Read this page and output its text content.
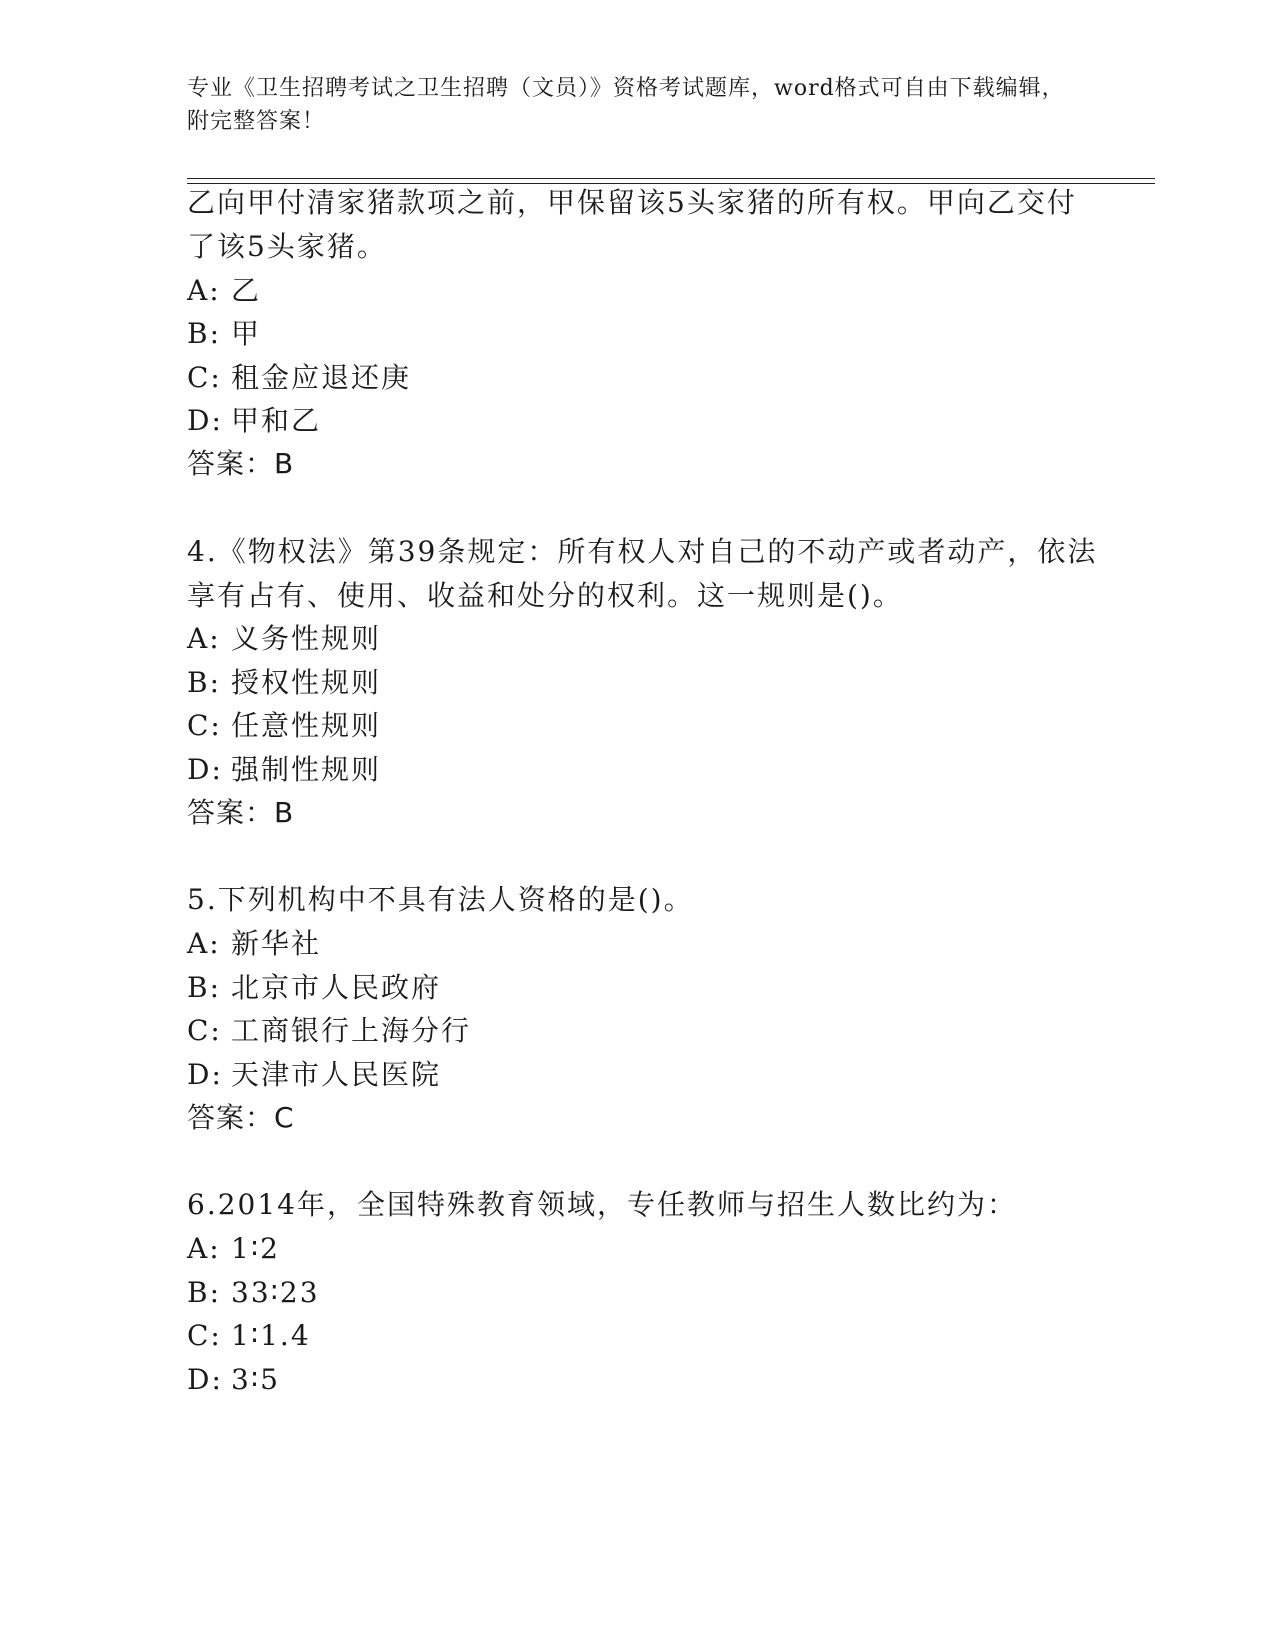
专业《卫生招聘考试之卫生招聘（文员）》资格考试题库，word格式可自由下载编辑，附完整答案！
乙向甲付清家猪款项之前，甲保留该5头家猪的所有权。甲向乙交付
了该5头家猪。
A: 乙
B: 甲
C: 租金应退还庚
D: 甲和乙
答案：B
4.《物权法》第39条规定：所有权人对自己的不动产或者动产，依法
享有占有、使用、收益和处分的权利。这一规则是()。
A: 义务性规则
B: 授权性规则
C: 任意性规则
D: 强制性规则
答案：B
5.下列机构中不具有法人资格的是()。
A: 新华社
B: 北京市人民政府
C: 工商银行上海分行
D: 天津市人民医院
答案：C
6.2014年，全国特殊教育领域，专任教师与招生人数比约为：
A: 1∶2
B: 33∶23
C: 1∶1.4
D: 3∶5
